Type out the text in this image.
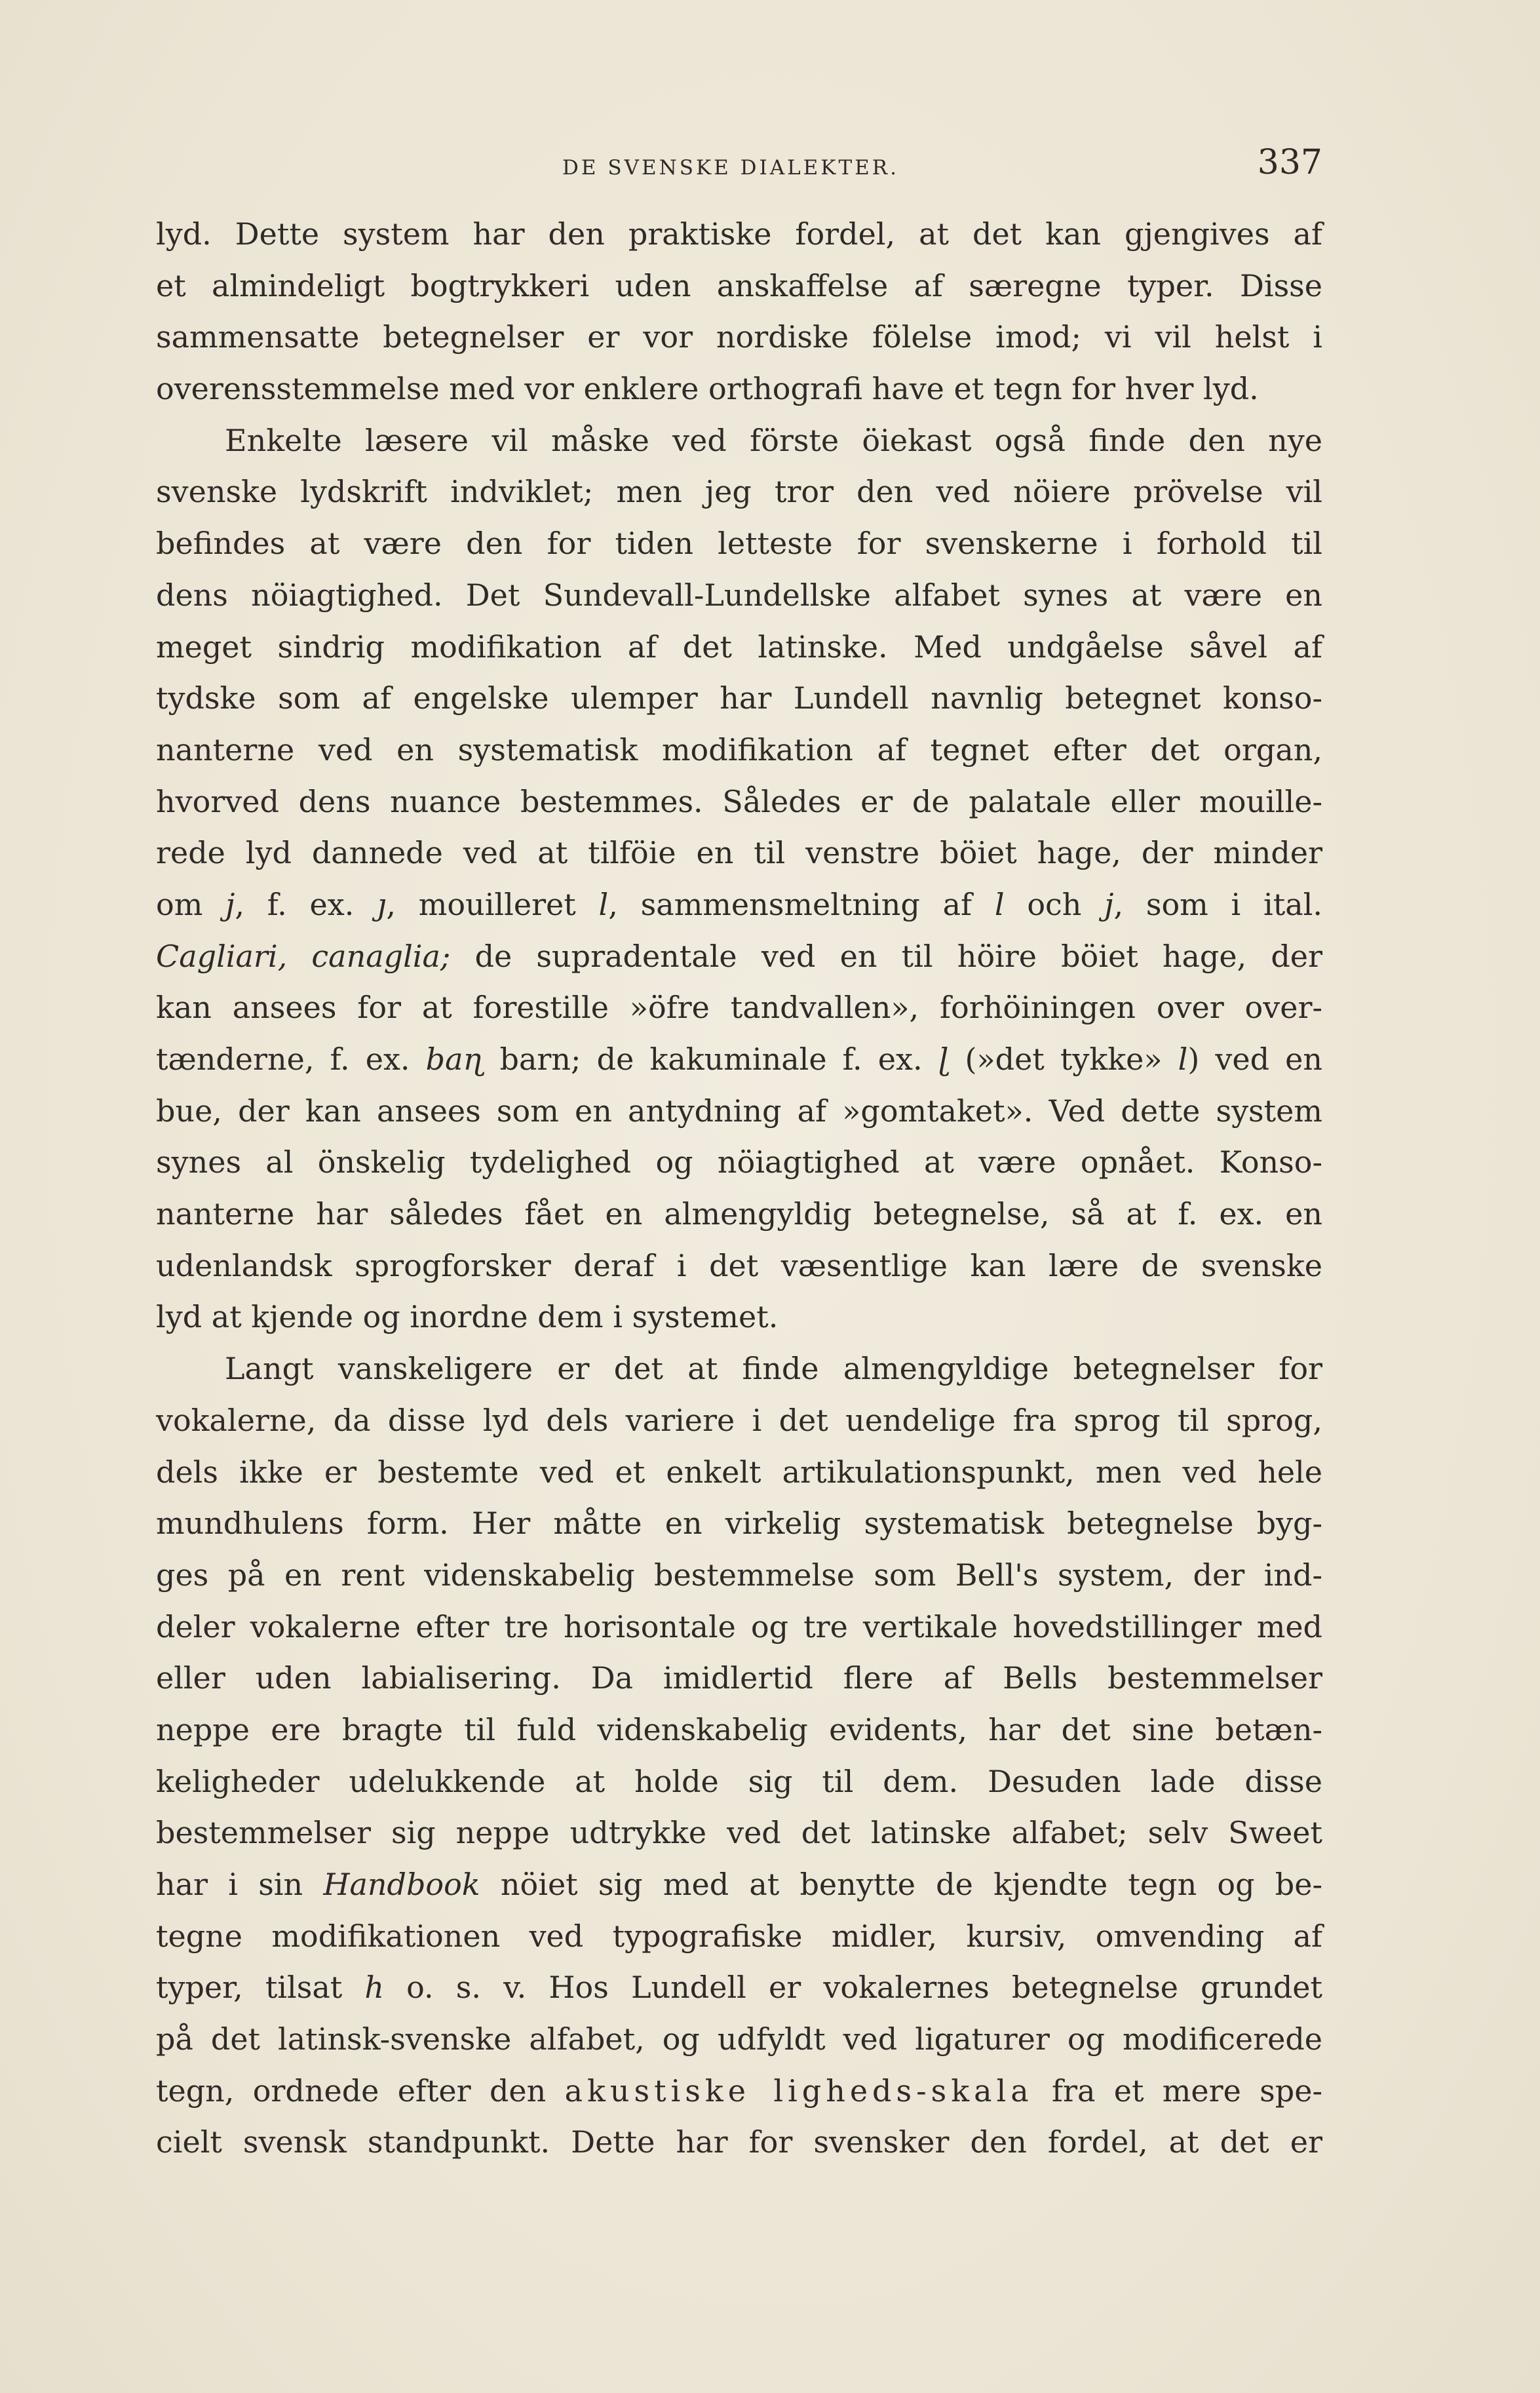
DE SVENSKE DIALEKTER.	337
lyd. Dette system har den praktiske fordel, at det kan gjengives af
et almindeligt bogtrykkeri uden anskaffelse af særegne typer. Disse
sammensatte betegnelser er vor nordiske fölelse imod; vi vil helst i
overensstemmelse med vor enklere orthografi have et tegn for hver lyd.
Enkelte læsere vil måske ved förste öiekast også finde den nye
svenske lydskrift indviklet; men jeg tror den ved nöiere prövelse vil
befindes at være den for tiden letteste for svenskerne i forhold til
dens nöiagtighed. Det Sundevall-Lundellske alfabet synes at være en
meget sindrig modifikation af det latinske. Med undgåelse såvel af
tydske som af engelske ulemper har Lundell navnlig betegnet konso-
nanterne ved en systematisk modifikation af tegnet efter det organ,
hvorved dens nuance bestemmes. Således er de palatale eller mouille-
rede lyd dannede ved at tilföie en til venstre böiet hage, der minder
om j, f. ex. ȷ, mouilleret l, sammensmeltning af l och j, som i ital.
Cagliari, canaglia; de supradentale ved en til höire böiet hage, der
kan ansees for at forestille »öfre tandvallen», forhöiningen over over-
tænderne, f. ex. baɳ barn; de kakuminale f. ex. ɭ (»det tykke» l) ved en
bue, der kan ansees som en antydning af »gomtaket». Ved dette system
synes al önskelig tydelighed og nöiagtighed at være opnået. Konso-
nanterne har således fået en almengyldig betegnelse, så at f. ex. en
udenlandsk sprogforsker deraf i det væsentlige kan lære de svenske
lyd at kjende og inordne dem i systemet.
Langt vanskeligere er det at finde almengyldige betegnelser for
vokalerne, da disse lyd dels variere i det uendelige fra sprog til sprog,
dels ikke er bestemte ved et enkelt artikulationspunkt, men ved hele
mundhulens form. Her måtte en virkelig systematisk betegnelse byg-
ges på en rent videnskabelig bestemmelse som Bell's system, der ind-
deler vokalerne efter tre horisontale og tre vertikale hovedstillinger med
eller uden labialisering. Da imidlertid flere af Bells bestemmelser
neppe ere bragte til fuld videnskabelig evidents, har det sine betæn-
keligheder udelukkende at holde sig til dem. Desuden lade disse
bestemmelser sig neppe udtrykke ved det latinske alfabet; selv Sweet
har i sin Handbook nöiet sig med at benytte de kjendte tegn og be-
tegne modifikationen ved typografiske midler, kursiv, omvending af
typer, tilsat h o. s. v. Hos Lundell er vokalernes betegnelse grundet
på det latinsk-svenske alfabet, og udfyldt ved ligaturer og modificerede
tegn, ordnede efter den akustiske ligheds-skala fra et mere spe-
cielt svensk standpunkt. Dette har for svensker den fordel, at det er
